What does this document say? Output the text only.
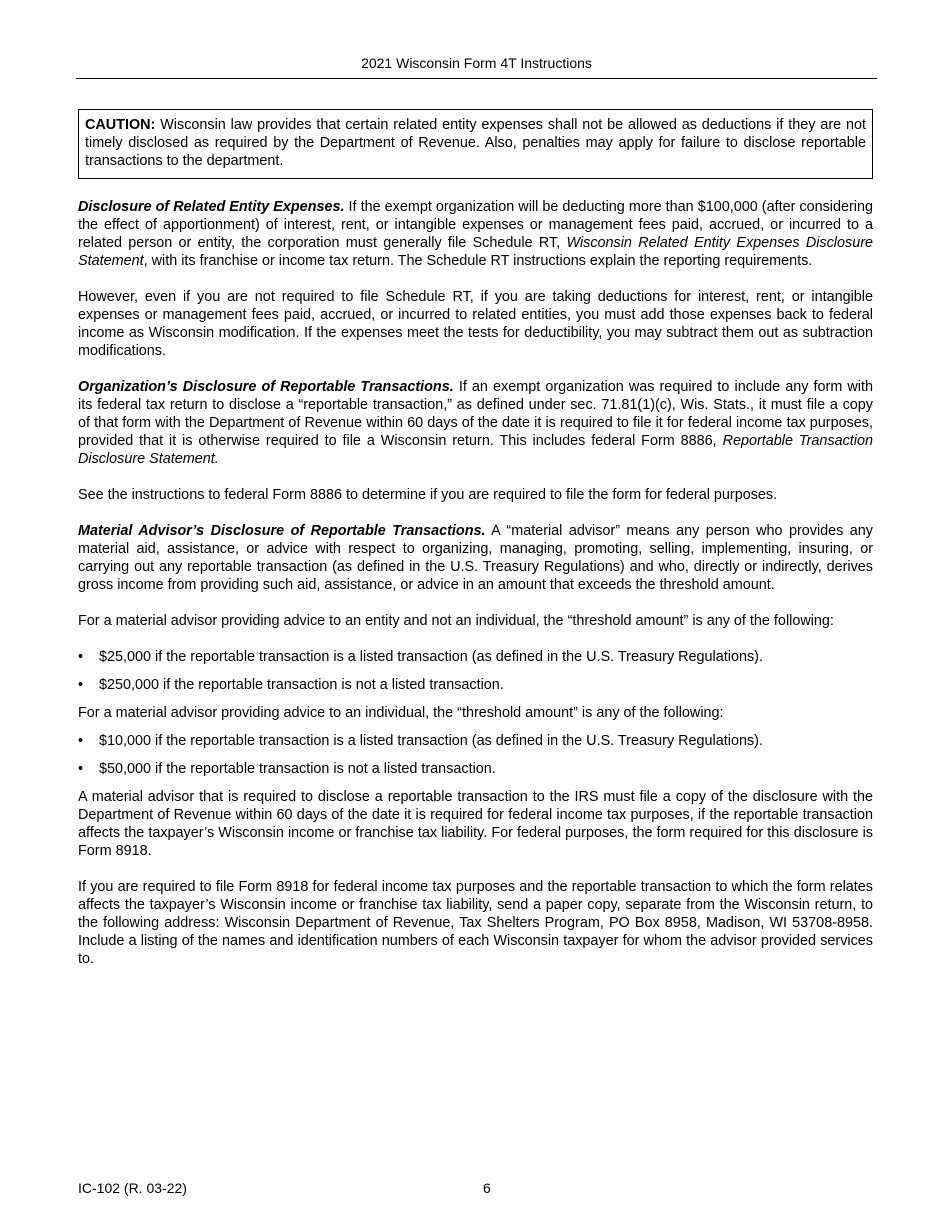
2021 Wisconsin Form 4T Instructions
CAUTION: Wisconsin law provides that certain related entity expenses shall not be allowed as deductions if they are not timely disclosed as required by the Department of Revenue. Also, penalties may apply for failure to disclose reportable transactions to the department.

Disclosure of Related Entity Expenses. If the exempt organization will be deducting more than $100,000 (after considering the effect of apportionment) of interest, rent, or intangible expenses or management fees paid, accrued, or incurred to a related person or entity, the corporation must generally file Schedule RT, Wisconsin Related Entity Expenses Disclosure Statement, with its franchise or income tax return. The Schedule RT instructions explain the reporting requirements.

However, even if you are not required to file Schedule RT, if you are taking deductions for interest, rent, or intangible expenses or management fees paid, accrued, or incurred to related entities, you must add those expenses back to federal income as Wisconsin modification. If the expenses meet the tests for deductibility, you may subtract them out as subtraction modifications.

Organization’s Disclosure of Reportable Transactions. If an exempt organization was required to include any form with its federal tax return to disclose a “reportable transaction,” as defined under sec. 71.81(1)(c), Wis. Stats., it must file a copy of that form with the Department of Revenue within 60 days of the date it is required to file it for federal income tax purposes, provided that it is otherwise required to file a Wisconsin return. This includes federal Form 8886, Reportable Transaction Disclosure Statement.

See the instructions to federal Form 8886 to determine if you are required to file the form for federal purposes.

Material Advisor’s Disclosure of Reportable Transactions. A “material advisor” means any person who provides any material aid, assistance, or advice with respect to organizing, managing, promoting, selling, implementing, insuring, or carrying out any reportable transaction (as defined in the U.S. Treasury Regulations) and who, directly or indirectly, derives gross income from providing such aid, assistance, or advice in an amount that exceeds the threshold amount.

For a material advisor providing advice to an entity and not an individual, the “threshold amount” is any of the following:

• $25,000 if the reportable transaction is a listed transaction (as defined in the U.S. Treasury Regulations).
• $250,000 if the reportable transaction is not a listed transaction.

For a material advisor providing advice to an individual, the “threshold amount” is any of the following:

• $10,000 if the reportable transaction is a listed transaction (as defined in the U.S. Treasury Regulations).
• $50,000 if the reportable transaction is not a listed transaction.

A material advisor that is required to disclose a reportable transaction to the IRS must file a copy of the disclosure with the Department of Revenue within 60 days of the date it is required for federal income tax purposes, if the reportable transaction affects the taxpayer’s Wisconsin income or franchise tax liability. For federal purposes, the form required for this disclosure is Form 8918.

If you are required to file Form 8918 for federal income tax purposes and the reportable transaction to which the form relates affects the taxpayer’s Wisconsin income or franchise tax liability, send a paper copy, separate from the Wisconsin return, to the following address: Wisconsin Department of Revenue, Tax Shelters Program, PO Box 8958, Madison, WI 53708-8958. Include a listing of the names and identification numbers of each Wisconsin taxpayer for whom the advisor provided services to.

IC-102 (R. 03-22)	6
